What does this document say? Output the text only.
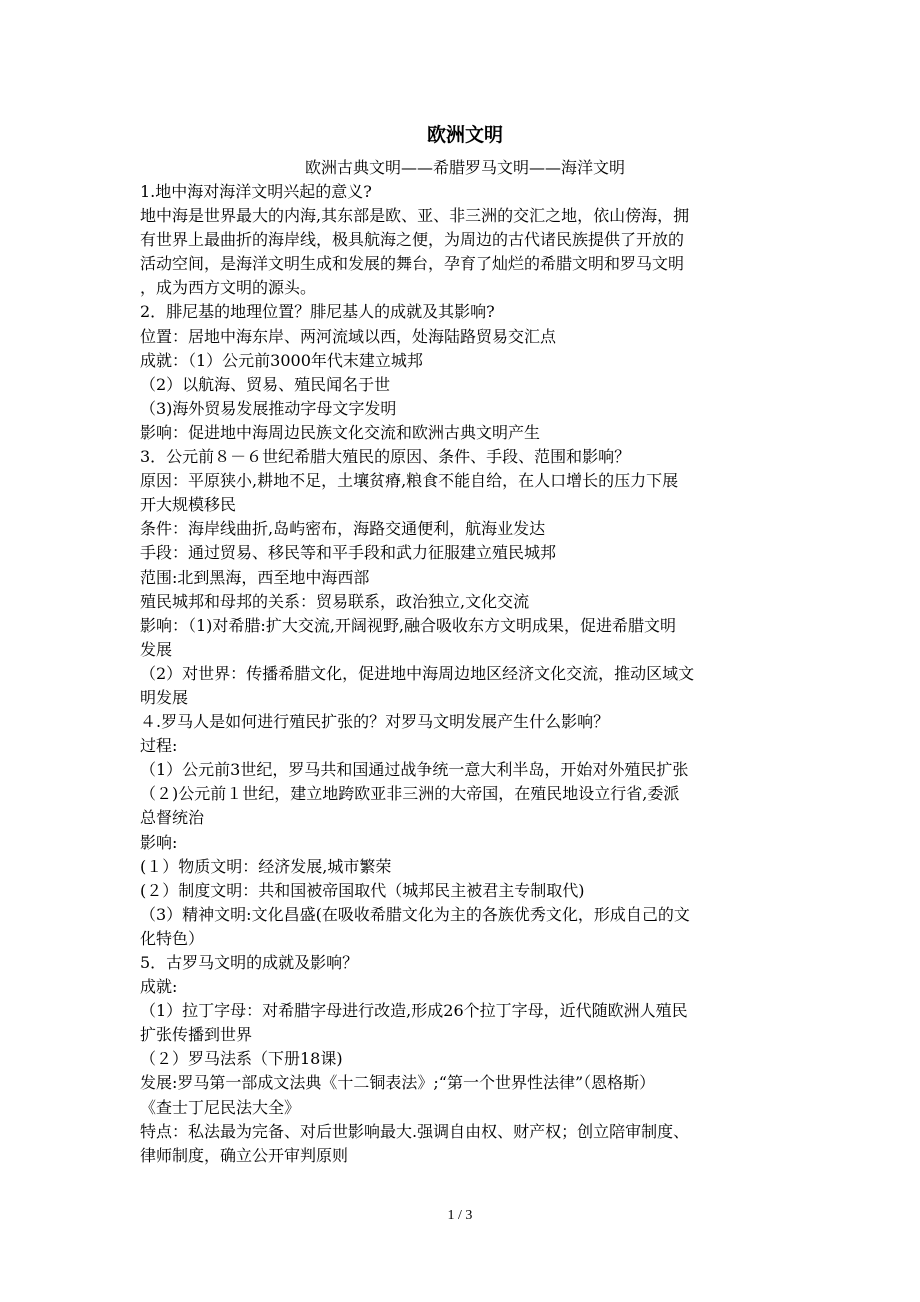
欧洲文明
欧洲古典文明——希腊罗马文明——海洋文明
1.地中海对海洋文明兴起的意义?
地中海是世界最大的内海,其东部是欧、亚、非三洲的交汇之地，依山傍海，拥
有世界上最曲折的海岸线，极具航海之便，为周边的古代诸民族提供了开放的
活动空间，是海洋文明生成和发展的舞台，孕育了灿烂的希腊文明和罗马文明
，成为西方文明的源头。
2．腓尼基的地理位置？腓尼基人的成就及其影响?
位置：居地中海东岸、两河流域以西，处海陆路贸易交汇点
成就：（1）公元前3000年代末建立城邦
（2）以航海、贸易、殖民闻名于世
（3)海外贸易发展推动字母文字发明
影响：促进地中海周边民族文化交流和欧洲古典文明产生
3．公元前８－６世纪希腊大殖民的原因、条件、手段、范围和影响？
原因：平原狭小,耕地不足，土壤贫瘠,粮食不能自给，在人口增长的压力下展
开大规模移民
条件：海岸线曲折,岛屿密布，海路交通便利，航海业发达
手段：通过贸易、移民等和平手段和武力征服建立殖民城邦
范围:北到黑海，西至地中海西部
殖民城邦和母邦的关系：贸易联系，政治独立,文化交流
影响：（1)对希腊:扩大交流,开阔视野,融合吸收东方文明成果，促进希腊文明
发展
（2）对世界：传播希腊文化，促进地中海周边地区经济文化交流，推动区域文
明发展
４.罗马人是如何进行殖民扩张的？对罗马文明发展产生什么影响？
过程:
（1）公元前3世纪，罗马共和国通过战争统一意大利半岛，开始对外殖民扩张
（２)公元前１世纪，建立地跨欧亚非三洲的大帝国，在殖民地设立行省,委派
总督统治
影响:
(１）物质文明：经济发展,城市繁荣
(２）制度文明：共和国被帝国取代（城邦民主被君主专制取代)
（3）精神文明:文化昌盛(在吸收希腊文化为主的各族优秀文化，形成自己的文
化特色）
5．古罗马文明的成就及影响？
成就:
（1）拉丁字母：对希腊字母进行改造,形成26个拉丁字母，近代随欧洲人殖民
扩张传播到世界
（２）罗马法系（下册18课)
发展:罗马第一部成文法典《十二铜表法》;“第一个世界性法律”（恩格斯）
《查士丁尼民法大全》
特点：私法最为完备、对后世影响最大.强调自由权、财产权；创立陪审制度、
律师制度，确立公开审判原则
1 / 3
